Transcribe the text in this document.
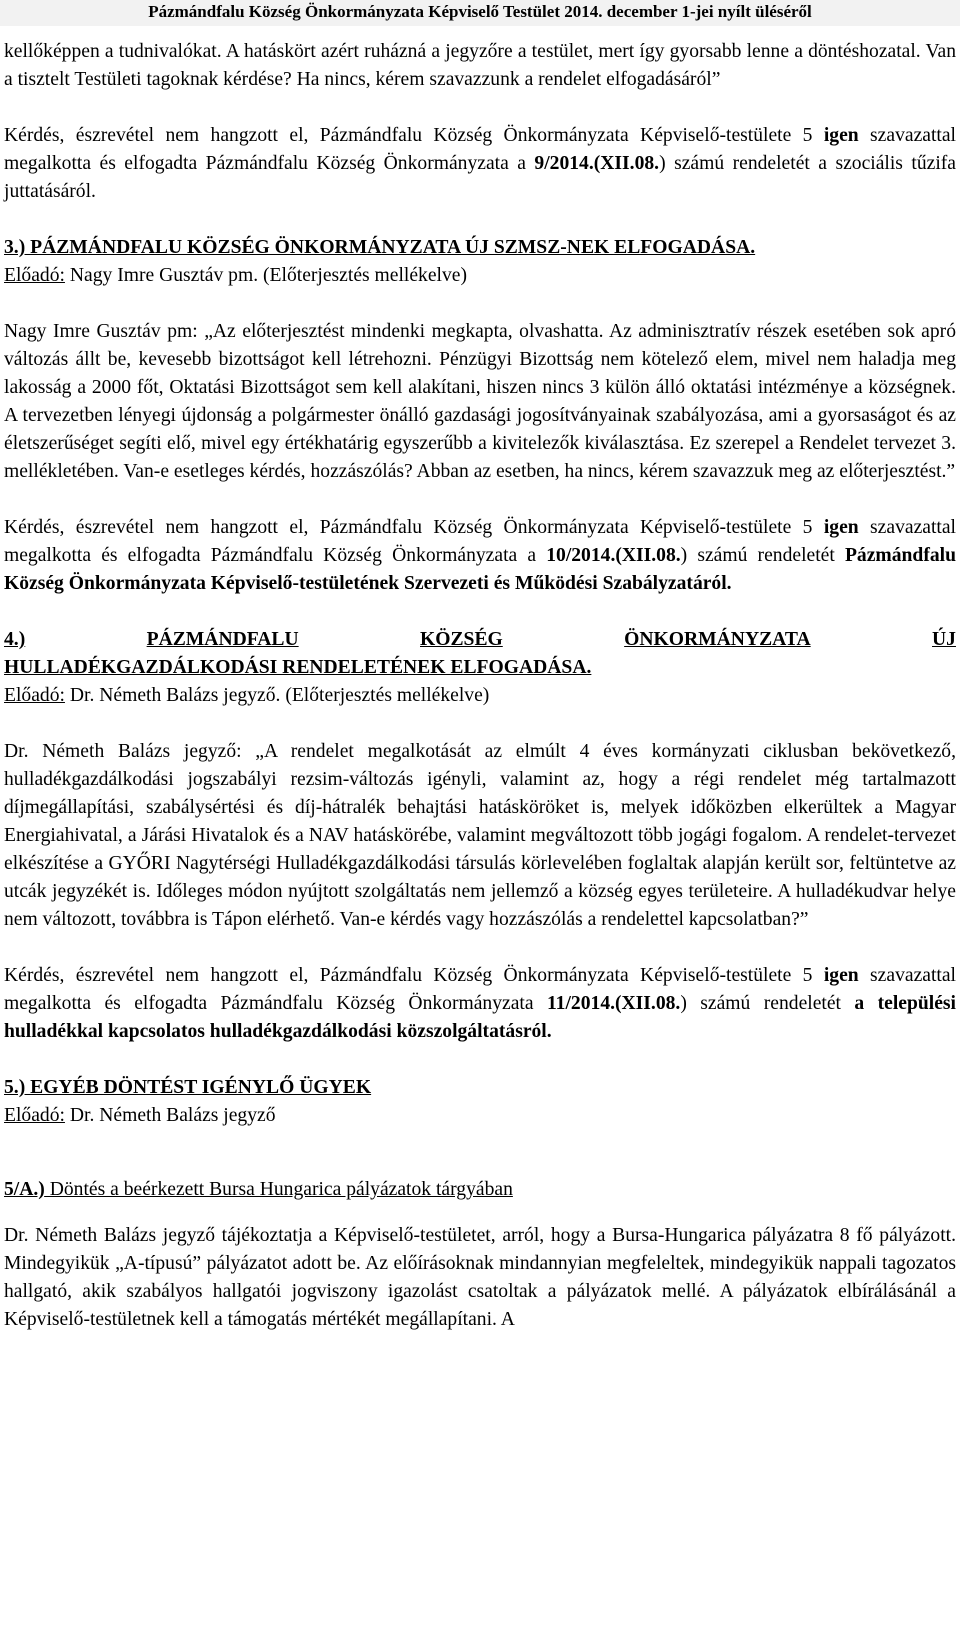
Pázmándfalu Község Önkormányzata Képviselő Testület 2014. december 1-jei nyílt üléséről

kellőképpen a tudnivalókat. A hatáskört azért ruházná a jegyzőre a testület, mert így gyorsabb lenne a döntéshozatal. Van a tisztelt Testületi tagoknak kérdése? Ha nincs, kérem szavazzunk a rendelet elfogadásáról”

Kérdés, észrevétel nem hangzott el, Pázmándfalu Község Önkormányzata Képviselő-testülete 5 igen szavazattal megalkotta és elfogadta Pázmándfalu Község Önkormányzata a 9/2014.(XII.08.) számú rendeletét a szociális tűzifa juttatásáról.

3.) PÁZMÁNDFALU KÖZSÉG ÖNKORMÁNYZATA ÚJ SZMSZ-NEK ELFOGADÁSA.

Előadó: Nagy Imre Gusztáv pm. (Előterjesztés mellékelve)

Nagy Imre Gusztáv pm: „Az előterjesztést mindenki megkapta, olvashatta. Az adminisztratív részek esetében sok apró változás állt be, kevesebb bizottságot kell létrehozni. Pénzügyi Bizottság nem kötelező elem, mivel nem haladja meg lakosság a 2000 főt, Oktatási Bizottságot sem kell alakítani, hiszen nincs 3 külön álló oktatási intézménye a községnek. A tervezetben lényegi újdonság a polgármester önálló gazdasági jogosítványainak szabályozása, ami a gyorsaságot és az életszerűséget segíti elő, mivel egy értékhatárig egyszerűbb a kivitelezők kiválasztása. Ez szerepel a Rendelet tervezet 3. mellékletében. Van-e esetleges kérdés, hozzászólás? Abban az esetben, ha nincs, kérem szavazzuk meg az előterjesztést.”

Kérdés, észrevétel nem hangzott el, Pázmándfalu Község Önkormányzata Képviselő-testülete 5 igen szavazattal megalkotta és elfogadta Pázmándfalu Község Önkormányzata a 10/2014.(XII.08.) számú rendeletét Pázmándfalu Község Önkormányzata Képviselő-testületének Szervezeti és Működési Szabályzatáról.

4.)	PÁZMÁNDFALU	KÖZSÉG	ÖNKORMÁNYZATA	ÚJ

HULLADÉKGAZDÁLKODÁSI RENDELETÉNEK ELFOGADÁSA.

Előadó: Dr. Németh Balázs jegyző. (Előterjesztés mellékelve)

Dr. Németh Balázs jegyző: „A rendelet megalkotását az elmúlt 4 éves kormányzati ciklusban bekövetkező, hulladékgazdálkodási jogszabályi rezsim-változás igényli, valamint az, hogy a régi rendelet még tartalmazott díjmegállapítási, szabálysértési és díj-hátralék behajtási hatásköröket is, melyek időközben elkerültek a Magyar Energiahivatal, a Járási Hivatalok és a NAV hatáskörébe, valamint megváltozott több jogági fogalom. A rendelet-tervezet elkészítése a GYŐRI Nagytérségi Hulladékgazdálkodási társulás körlevelében foglaltak alapján került sor, feltüntetve az utcák jegyzékét is. Időleges módon nyújtott szolgáltatás nem jellemző a község egyes területeire. A hulladékudvar helye nem változott, továbbra is Tápon elérhető. Van-e kérdés vagy hozzászólás a rendelettel kapcsolatban?”

Kérdés, észrevétel nem hangzott el, Pázmándfalu Község Önkormányzata Képviselő-testülete 5 igen szavazattal megalkotta és elfogadta Pázmándfalu Község Önkormányzata 11/2014.(XII.08.) számú rendeletét a települési hulladékkal kapcsolatos hulladékgazdálkodási közszolgáltatásról.

5.) EGYÉB DÖNTÉST IGÉNYLŐ ÜGYEK

Előadó: Dr. Németh Balázs jegyző

5/A.) Döntés a beérkezett Bursa Hungarica pályázatok tárgyában

Dr. Németh Balázs jegyző tájékoztatja a Képviselő-testületet, arról, hogy a Bursa-Hungarica pályázatra 8 fő pályázott. Mindegyikük „A-típusú” pályázatot adott be. Az előírásoknak mindannyian megfeleltek, mindegyikük nappali tagozatos hallgató, akik szabályos hallgatói jogviszony igazolást csatoltak a pályázatok mellé. A pályázatok elbírálásánál a Képviselő-testületnek kell a támogatás mértékét megállapítani. A
